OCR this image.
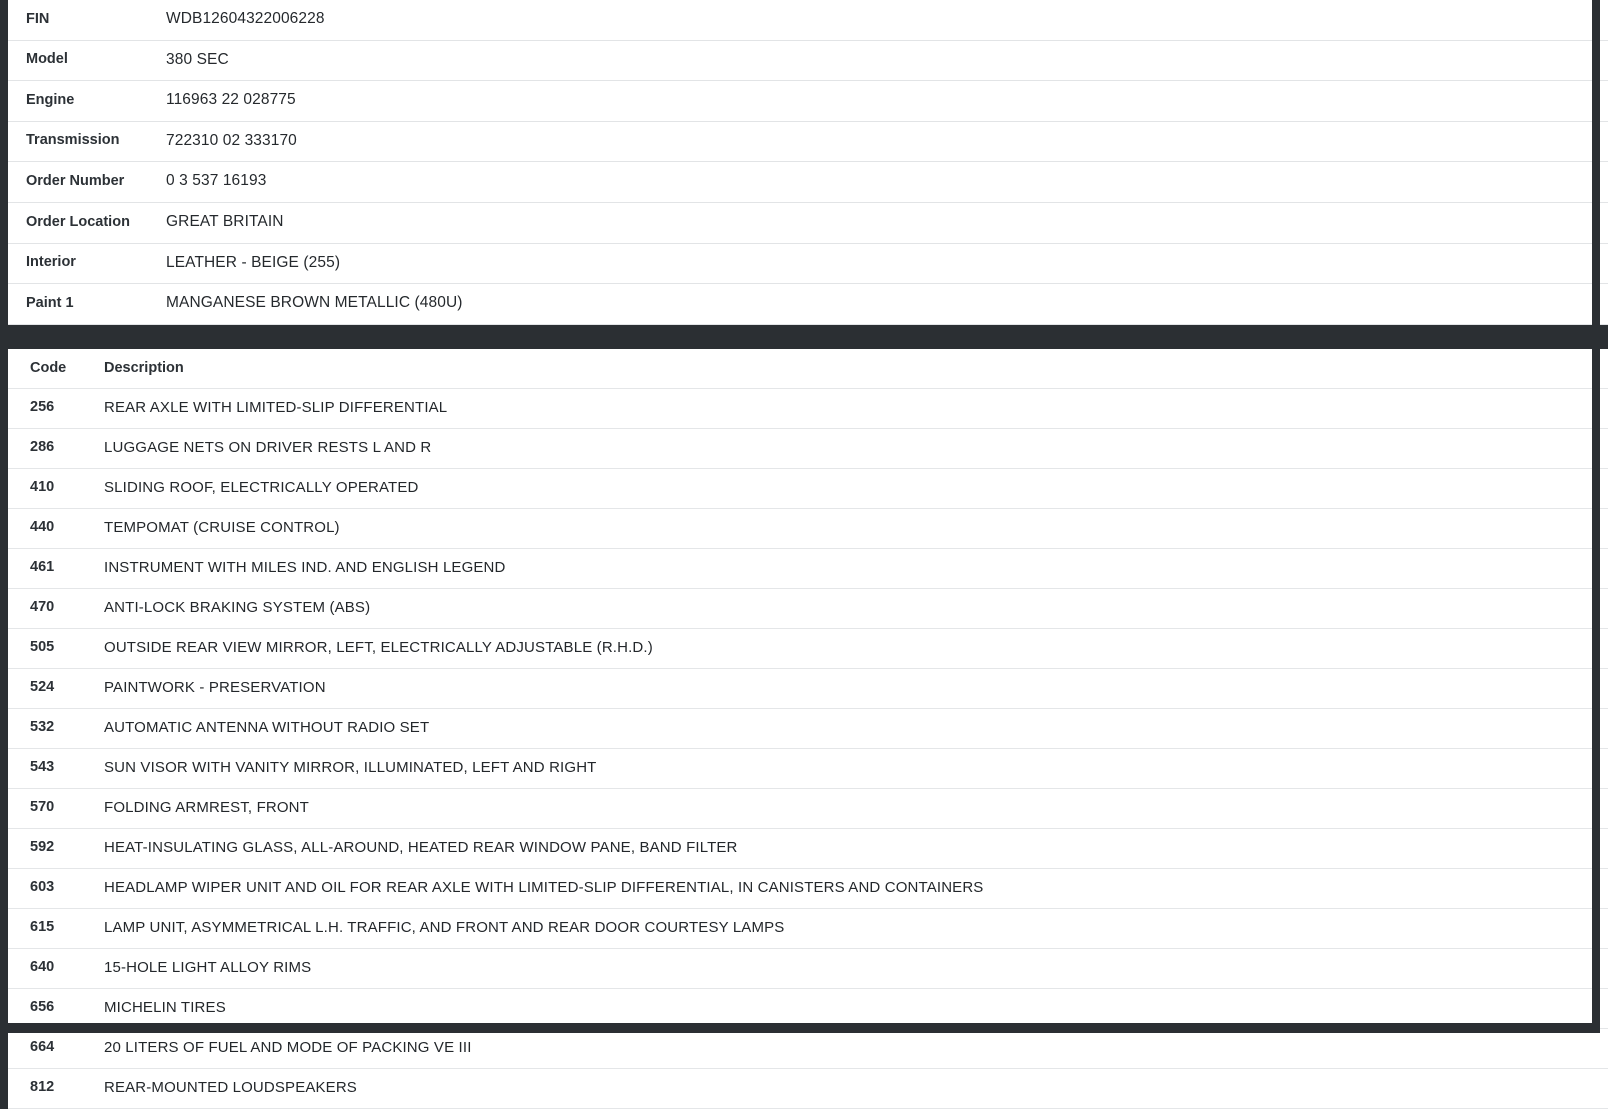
FIN	WDB12604322006228
Model	380 SEC
Engine	116963 22 028775
Transmission	722310 02 333170
Order Number	0 3 537 16193
Order Location	GREAT BRITAIN
Interior	LEATHER - BEIGE (255)
Paint 1	MANGANESE BROWN METALLIC (480U)
Code	Description
256	REAR AXLE WITH LIMITED-SLIP DIFFERENTIAL
286	LUGGAGE NETS ON DRIVER RESTS L AND R
410	SLIDING ROOF, ELECTRICALLY OPERATED
440	TEMPOMAT (CRUISE CONTROL)
461	INSTRUMENT WITH MILES IND. AND ENGLISH LEGEND
470	ANTI-LOCK BRAKING SYSTEM (ABS)
505	OUTSIDE REAR VIEW MIRROR, LEFT, ELECTRICALLY ADJUSTABLE (R.H.D.)
524	PAINTWORK - PRESERVATION
532	AUTOMATIC ANTENNA WITHOUT RADIO SET
543	SUN VISOR WITH VANITY MIRROR, ILLUMINATED, LEFT AND RIGHT
570	FOLDING ARMREST, FRONT
592	HEAT-INSULATING GLASS, ALL-AROUND, HEATED REAR WINDOW PANE, BAND FILTER
603	HEADLAMP WIPER UNIT AND OIL FOR REAR AXLE WITH LIMITED-SLIP DIFFERENTIAL, IN CANISTERS AND CONTAINERS
615	LAMP UNIT, ASYMMETRICAL L.H. TRAFFIC, AND FRONT AND REAR DOOR COURTESY LAMPS
640	15-HOLE LIGHT ALLOY RIMS
656	MICHELIN TIRES
664	20 LITERS OF FUEL AND MODE OF PACKING VE III
812	REAR-MOUNTED LOUDSPEAKERS
